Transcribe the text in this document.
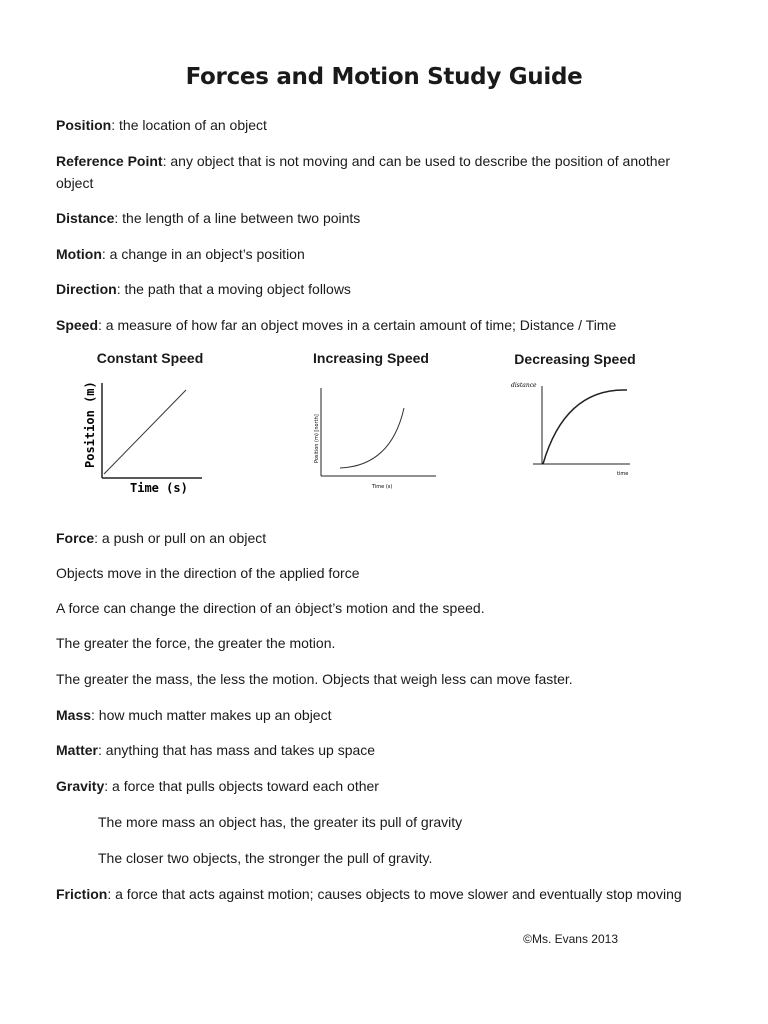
Forces and Motion Study Guide
Position: the location of an object
Reference Point: any object that is not moving and can be used to describe the position of another
object
Distance: the length of a line between two points
Motion: a change in an object’s position
Direction: the path that a moving object follows
Speed: a measure of how far an object moves in a certain amount of time; Distance / Time
Constant Speed	Increasing Speed	Decreasing Speed
Position (m)
Time (s)
Position (m) [north]
Time (s)
distance
time
Force: a push or pull on an object
Objects move in the direction of the applied force
A force can change the direction of an ȯbject’s motion and the speed.
The greater the force, the greater the motion.
The greater the mass, the less the motion. Objects that weigh less can move faster.
Mass: how much matter makes up an object
Matter: anything that has mass and takes up space
Gravity: a force that pulls objects toward each other
The more mass an object has, the greater its pull of gravity
The closer two objects, the stronger the pull of gravity.
Friction: a force that acts against motion; causes objects to move slower and eventually stop moving
©Ms. Evans 2013
